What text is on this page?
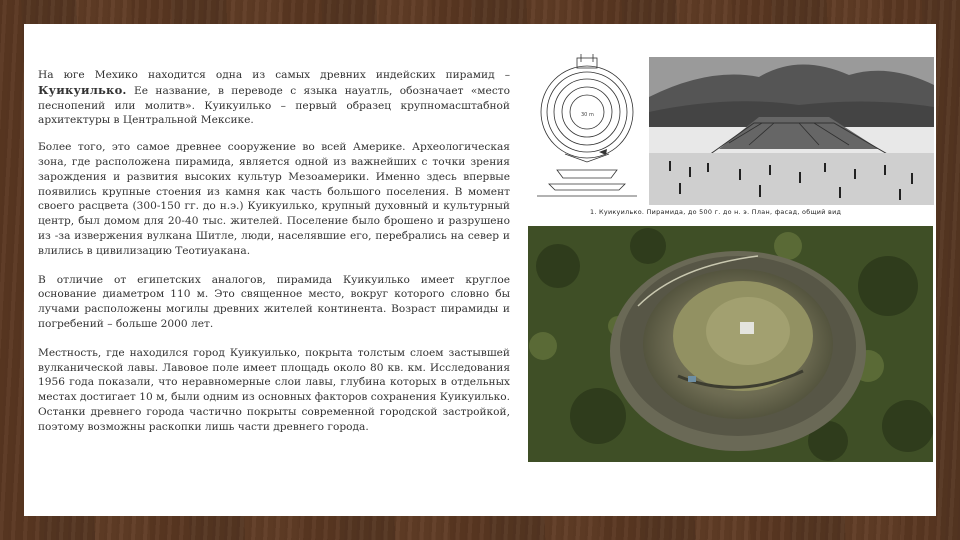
На юге Мехико находится одна из самых древних индейских пирамид – Куикуилько. Ее название, в переводе с языка науатль, обозначает «место песнопений или молитв». Куикуилько – первый образец крупномасштабной архитектуры в Центральной Мексике.

Более того, это самое древнее сооружение во всей Америке. Археологическая зона, где расположена пирамида, является одной из важнейших с точки зрения зарождения и развития высоких культур Мезоамерики. Именно здесь впервые появились крупные стоения из камня как часть большого поселения. В момент своего расцвета (300-150 гг. до н.э.) Куикуилько, крупный духовный и культурный центр, был домом для 20-40 тыс. жителей. Поселение было брошено и разрушено из -за извержения вулкана Шитле, люди, населявшие его, перебрались на север и влились в цивилизацию Теотиуакана.

В отличие от египетских аналогов, пирамида Куикуилько имеет круглое основание диаметром 110 м. Это священное место, вокруг которого словно бы лучами расположены могилы древних жителей континента. Возраст пирамиды и погребений – больше 2000 лет.

Местность, где находился город Куикуилько, покрыта толстым слоем застывшей вулканической лавы. Лавовое поле имеет площадь около 80 кв. км. Исследования 1956 года показали, что неравномерные слои лавы, глубина которых в отдельных местах достигает 10 м, были одним из основных факторов сохранения Куикуилько. Останки древнего города частично покрыты современной городской застройкой, поэтому возможны раскопки лишь части древнего города.

30 m
1. Куикуилько. Пирамида, до 500 г. до н. э. План, фасад, общий вид
